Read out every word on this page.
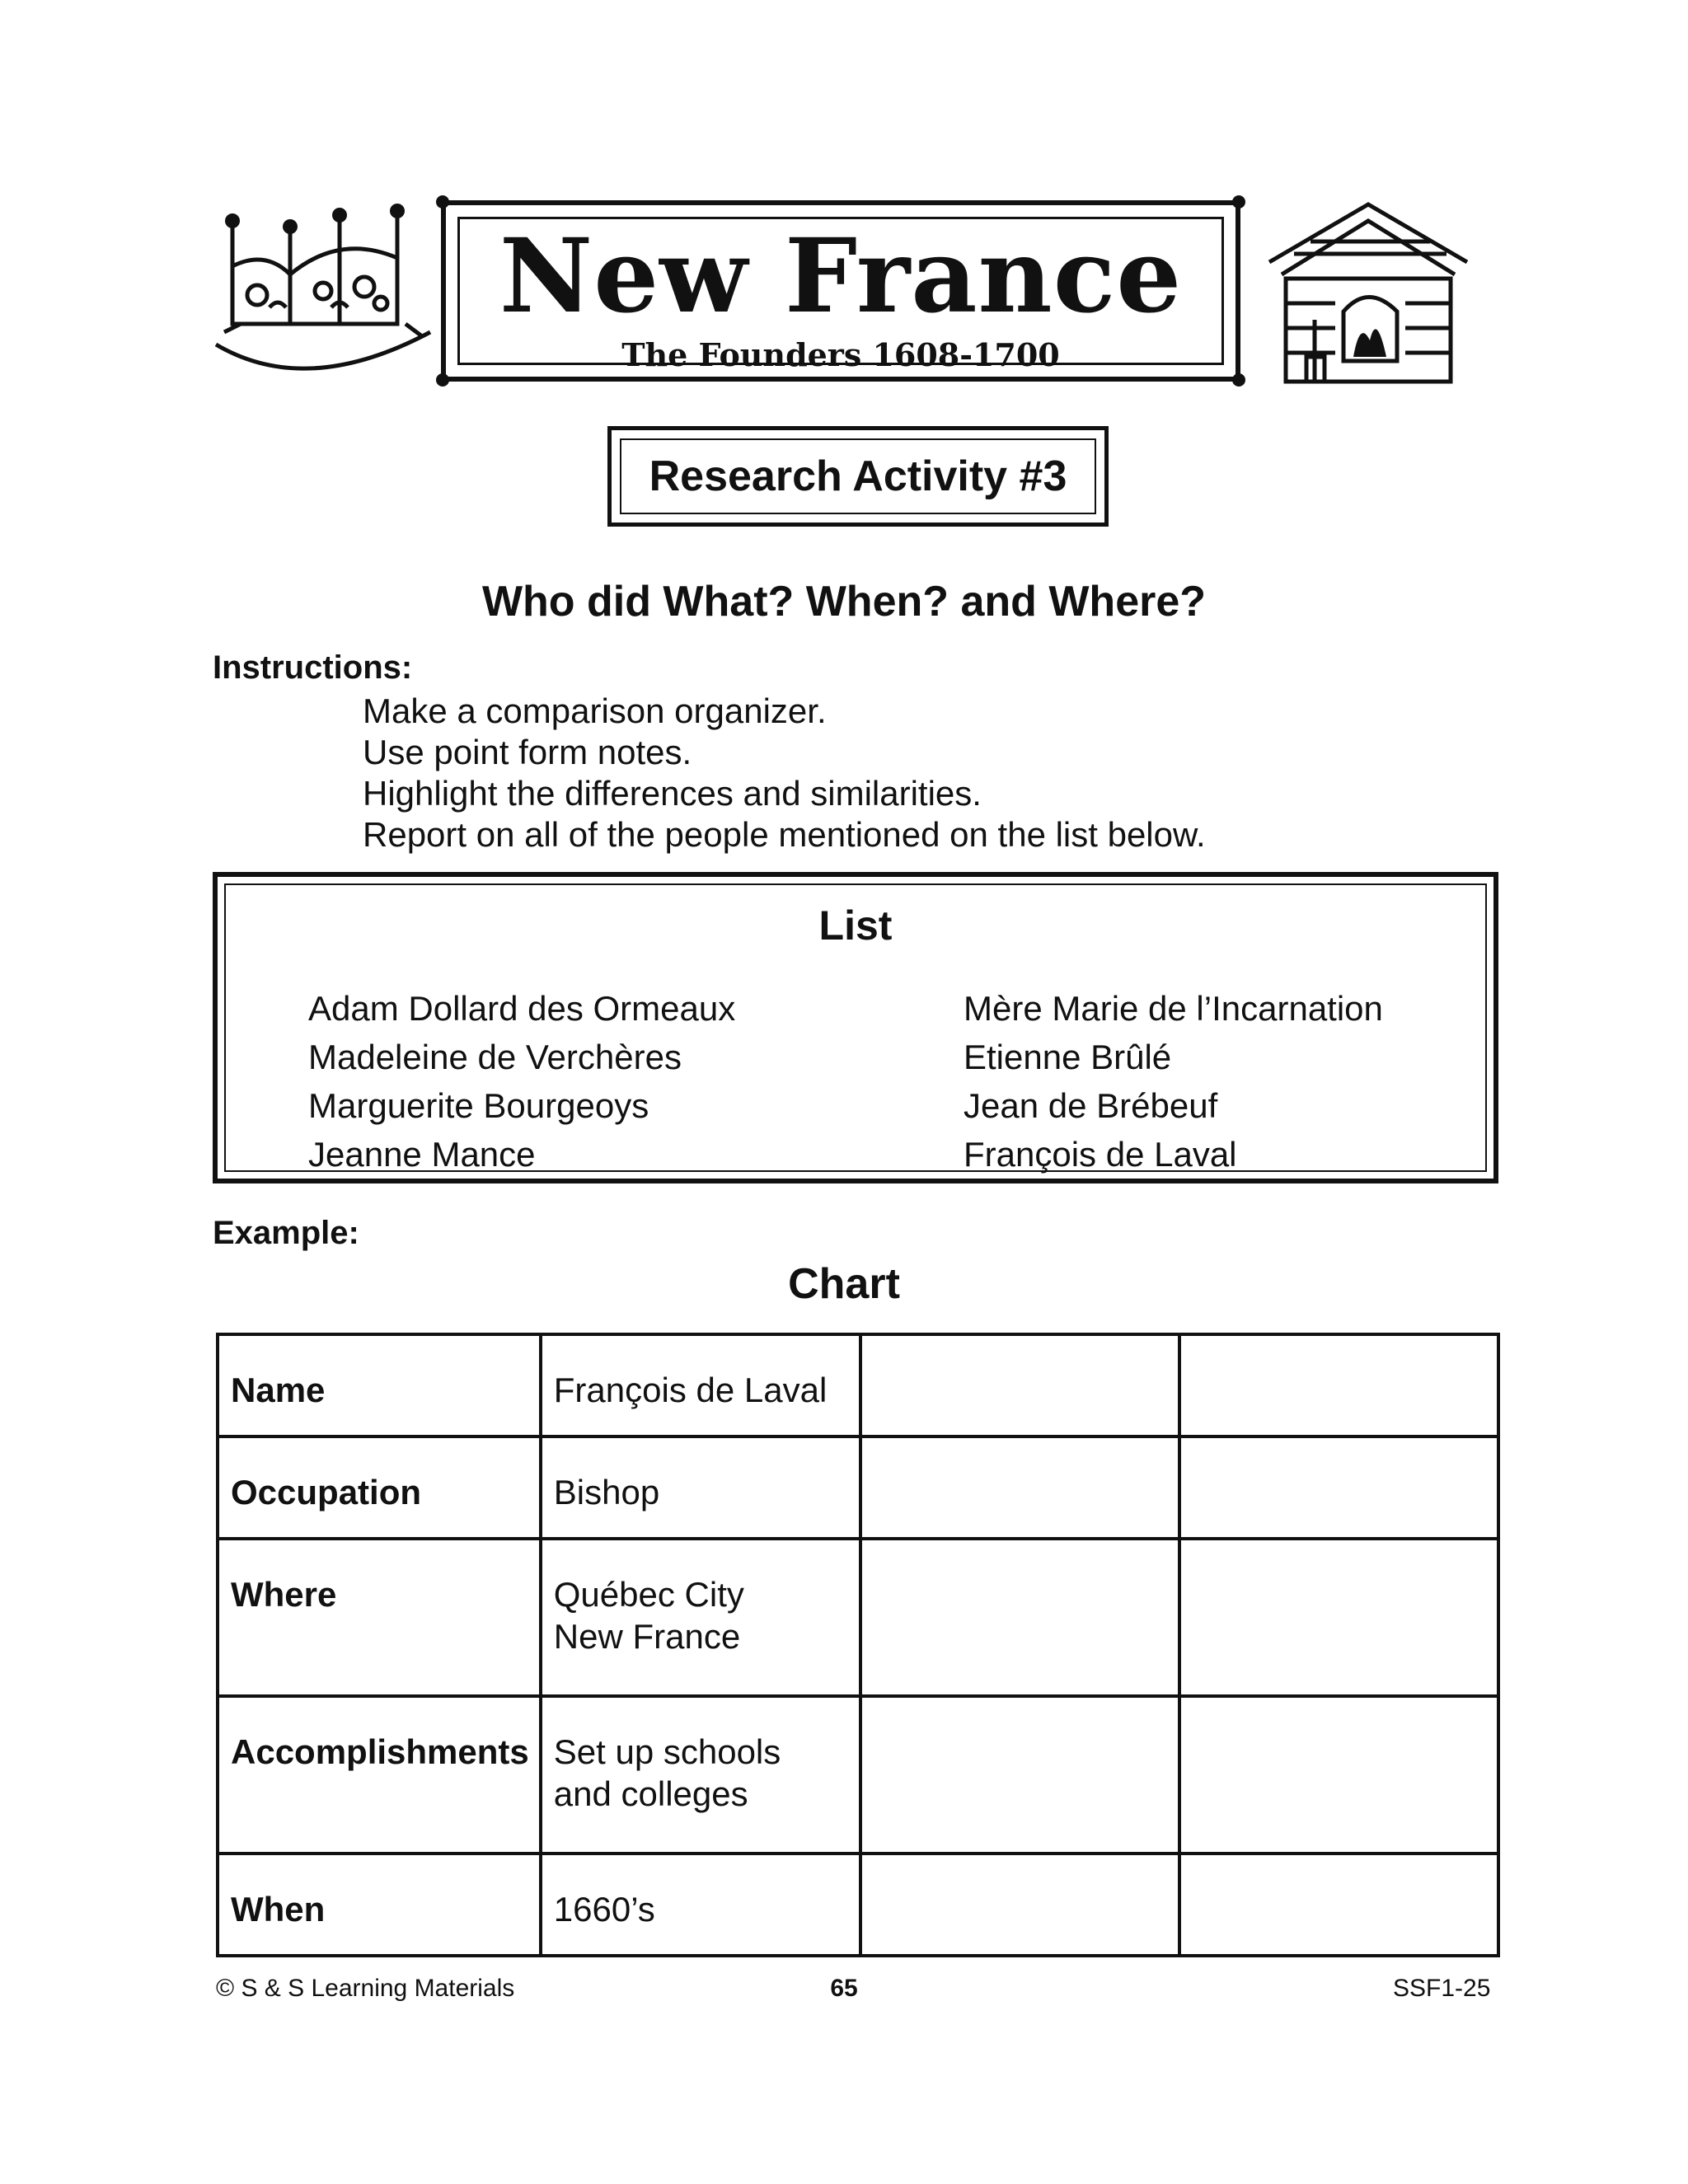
New France
The Founders 1608-1700
Research Activity #3
Who did What? When? and Where?
Instructions:
Make a comparison organizer.
Use point form notes.
Highlight the differences and similarities.
Report on all of the people mentioned on the list below.
List
Adam Dollard des Ormeaux
Madeleine de Verchères
Marguerite Bourgeoys
Jeanne Mance
Mère Marie de l’Incarnation
Etienne Brûlé
Jean de Brébeuf
François de Laval
Example:
Chart
Name	François de Laval		
Occupation	Bishop		
Where	Québec City
New France		
Accomplishments	Set up schools
and colleges		
When	1660’s		
© S & S Learning Materials	65	SSF1-25
